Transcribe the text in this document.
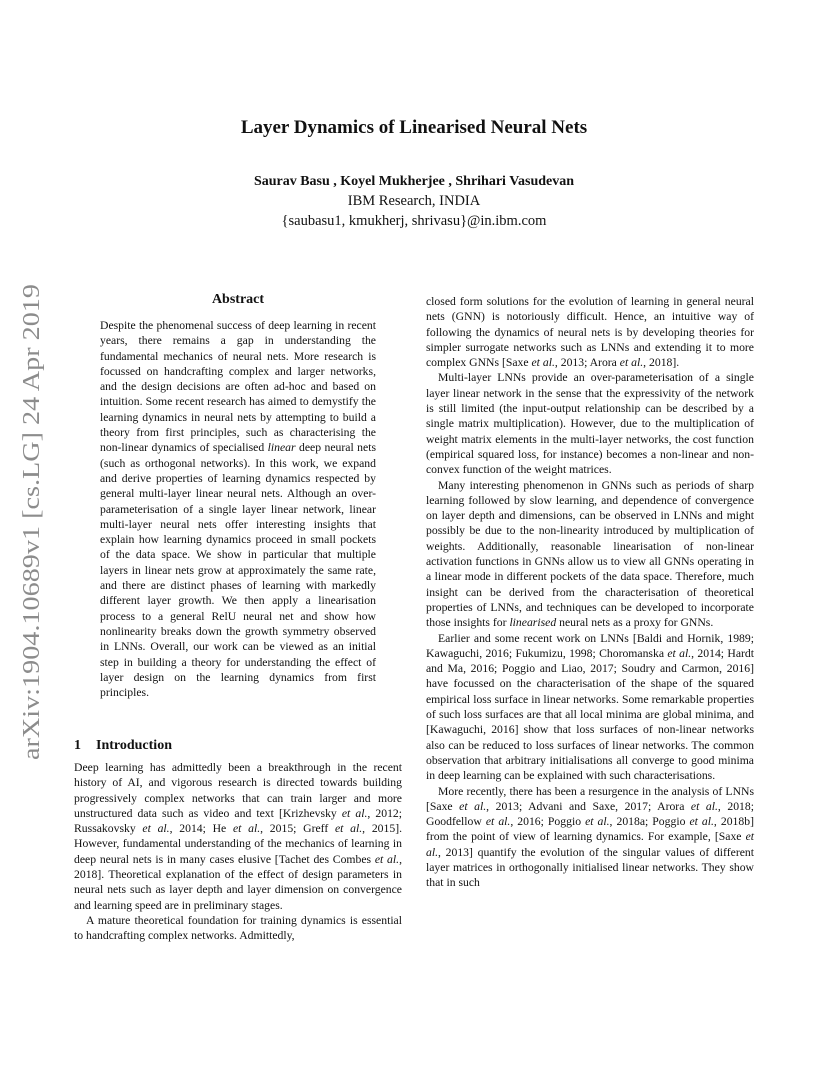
arXiv:1904.10689v1 [cs.LG] 24 Apr 2019
Layer Dynamics of Linearised Neural Nets
Saurav Basu , Koyel Mukherjee , Shrihari Vasudevan
IBM Research, INDIA
{saubasu1, kmukherj, shrivasu}@in.ibm.com
Abstract

Despite the phenomenal success of deep learning in recent years, there remains a gap in understanding the fundamental mechanics of neural nets. More research is focussed on handcrafting complex and larger networks, and the design decisions are often ad-hoc and based on intuition. Some recent research has aimed to demystify the learning dynamics in neural nets by attempting to build a theory from first principles, such as characterising the non-linear dynamics of specialised linear deep neural nets (such as orthogonal networks). In this work, we expand and derive properties of learning dynamics respected by general multi-layer linear neural nets. Although an over-parameterisation of a single layer linear network, linear multi-layer neural nets offer interesting insights that explain how learning dynamics proceed in small pockets of the data space. We show in particular that multiple layers in linear nets grow at approximately the same rate, and there are distinct phases of learning with markedly different layer growth. We then apply a linearisation process to a general RelU neural net and show how nonlinearity breaks down the growth symmetry observed in LNNs. Overall, our work can be viewed as an initial step in building a theory for understanding the effect of layer design on the learning dynamics from first principles.

1 Introduction

Deep learning has admittedly been a breakthrough in the recent history of AI, and vigorous research is directed towards building progressively complex networks that can train larger and more unstructured data such as video and text [Krizhevsky et al., 2012; Russakovsky et al., 2014; He et al., 2015; Greff et al., 2015]. However, fundamental understanding of the mechanics of learning in deep neural nets is in many cases elusive [Tachet des Combes et al., 2018]. Theoretical explanation of the effect of design parameters in neural nets such as layer depth and layer dimension on convergence and learning speed are in preliminary stages.

A mature theoretical foundation for training dynamics is essential to handcrafting complex networks. Admittedly,

closed form solutions for the evolution of learning in general neural nets (GNN) is notoriously difficult. Hence, an intuitive way of following the dynamics of neural nets is by developing theories for simpler surrogate networks such as LNNs and extending it to more complex GNNs [Saxe et al., 2013; Arora et al., 2018].

Multi-layer LNNs provide an over-parameterisation of a single layer linear network in the sense that the expressivity of the network is still limited (the input-output relationship can be described by a single matrix multiplication). However, due to the multiplication of weight matrix elements in the multi-layer networks, the cost function (empirical squared loss, for instance) becomes a non-linear and non-convex function of the weight matrices.

Many interesting phenomenon in GNNs such as periods of sharp learning followed by slow learning, and dependence of convergence on layer depth and dimensions, can be observed in LNNs and might possibly be due to the non-linearity introduced by multiplication of weights. Additionally, reasonable linearisation of non-linear activation functions in GNNs allow us to view all GNNs operating in a linear mode in different pockets of the data space. Therefore, much insight can be derived from the characterisation of theoretical properties of LNNs, and techniques can be developed to incorporate those insights for linearised neural nets as a proxy for GNNs.

Earlier and some recent work on LNNs [Baldi and Hornik, 1989; Kawaguchi, 2016; Fukumizu, 1998; Choromanska et al., 2014; Hardt and Ma, 2016; Poggio and Liao, 2017; Soudry and Carmon, 2016] have focussed on the characterisation of the shape of the squared empirical loss surface in linear networks. Some remarkable properties of such loss surfaces are that all local minima are global minima, and [Kawaguchi, 2016] show that loss surfaces of non-linear networks also can be reduced to loss surfaces of linear networks. The common observation that arbitrary initialisations all converge to good minima in deep learning can be explained with such characterisations.

More recently, there has been a resurgence in the analysis of LNNs [Saxe et al., 2013; Advani and Saxe, 2017; Arora et al., 2018; Goodfellow et al., 2016; Poggio et al., 2018a; Poggio et al., 2018b] from the point of view of learning dynamics. For example, [Saxe et al., 2013] quantify the evolution of the singular values of different layer matrices in orthogonally initialised linear networks. They show that in such
